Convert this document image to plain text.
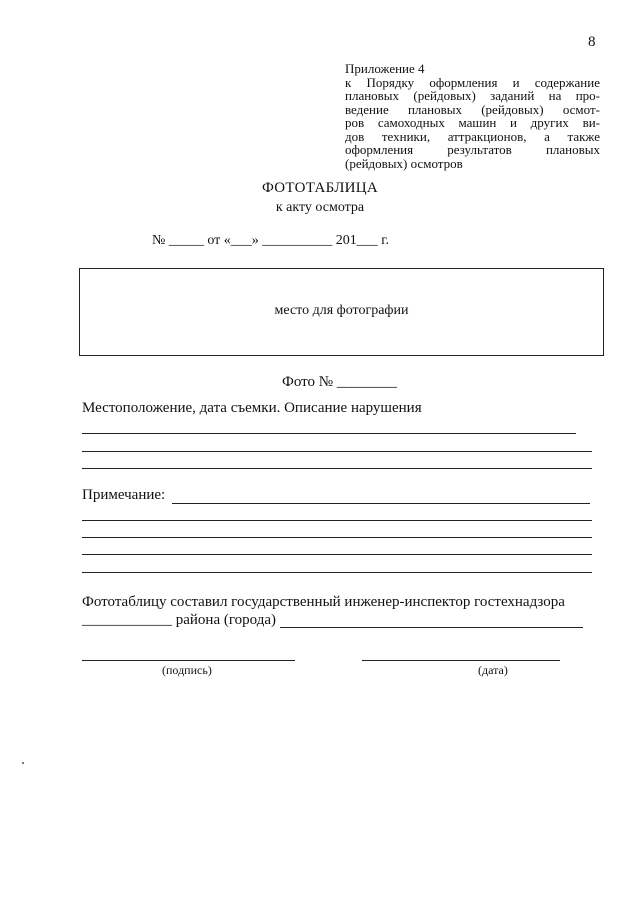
8
Приложение 4
к Порядку оформления и содержание
плановых (рейдовых) заданий на про-
ведение плановых (рейдовых) осмот-
ров самоходных машин и других ви-
дов техники, аттракционов, а также
оформления результатов плановых
(рейдовых) осмотров
ФОТОТАБЛИЦА
к акту осмотра
№ _____ от «___» __________ 201___ г.
место для фотографии
Фото № ________
Местоположение, дата съемки. Описание нарушения
Примечание:
Фототаблицу составил государственный инженер-инспектор гостехнадзора
____________ района (города)
(подпись)	(дата)
